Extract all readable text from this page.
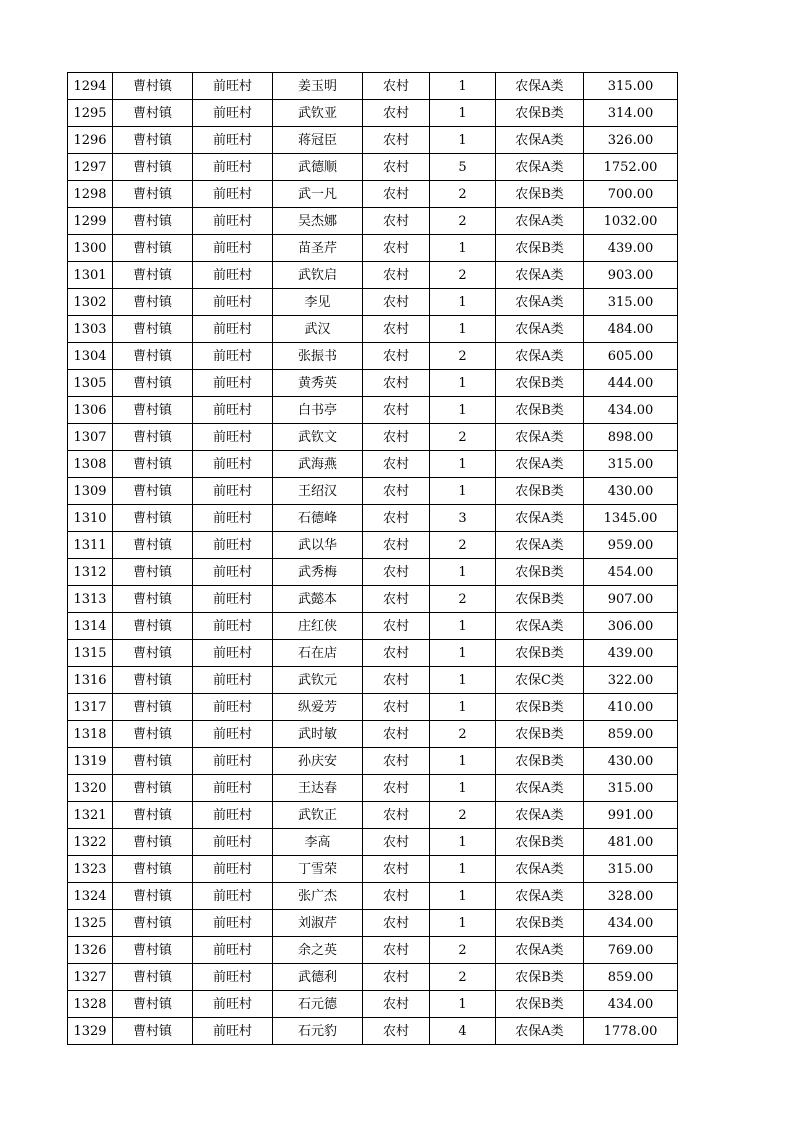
1294	曹村镇	前旺村	姜玉明	农村	1	农保A类	315.00
1295	曹村镇	前旺村	武钦亚	农村	1	农保B类	314.00
1296	曹村镇	前旺村	蒋冠臣	农村	1	农保A类	326.00
1297	曹村镇	前旺村	武德顺	农村	5	农保A类	1752.00
1298	曹村镇	前旺村	武一凡	农村	2	农保B类	700.00
1299	曹村镇	前旺村	吴杰娜	农村	2	农保A类	1032.00
1300	曹村镇	前旺村	苗圣芹	农村	1	农保B类	439.00
1301	曹村镇	前旺村	武钦启	农村	2	农保A类	903.00
1302	曹村镇	前旺村	李见	农村	1	农保A类	315.00
1303	曹村镇	前旺村	武汉	农村	1	农保A类	484.00
1304	曹村镇	前旺村	张振书	农村	2	农保A类	605.00
1305	曹村镇	前旺村	黄秀英	农村	1	农保B类	444.00
1306	曹村镇	前旺村	白书亭	农村	1	农保B类	434.00
1307	曹村镇	前旺村	武钦文	农村	2	农保A类	898.00
1308	曹村镇	前旺村	武海燕	农村	1	农保A类	315.00
1309	曹村镇	前旺村	王绍汉	农村	1	农保B类	430.00
1310	曹村镇	前旺村	石德峰	农村	3	农保A类	1345.00
1311	曹村镇	前旺村	武以华	农村	2	农保A类	959.00
1312	曹村镇	前旺村	武秀梅	农村	1	农保B类	454.00
1313	曹村镇	前旺村	武懿本	农村	2	农保B类	907.00
1314	曹村镇	前旺村	庄红侠	农村	1	农保A类	306.00
1315	曹村镇	前旺村	石在店	农村	1	农保B类	439.00
1316	曹村镇	前旺村	武钦元	农村	1	农保C类	322.00
1317	曹村镇	前旺村	纵爱芳	农村	1	农保B类	410.00
1318	曹村镇	前旺村	武时敏	农村	2	农保B类	859.00
1319	曹村镇	前旺村	孙庆安	农村	1	农保B类	430.00
1320	曹村镇	前旺村	王达春	农村	1	农保A类	315.00
1321	曹村镇	前旺村	武钦正	农村	2	农保A类	991.00
1322	曹村镇	前旺村	李高	农村	1	农保B类	481.00
1323	曹村镇	前旺村	丁雪荣	农村	1	农保A类	315.00
1324	曹村镇	前旺村	张广杰	农村	1	农保A类	328.00
1325	曹村镇	前旺村	刘淑芹	农村	1	农保B类	434.00
1326	曹村镇	前旺村	余之英	农村	2	农保A类	769.00
1327	曹村镇	前旺村	武德利	农村	2	农保B类	859.00
1328	曹村镇	前旺村	石元德	农村	1	农保B类	434.00
1329	曹村镇	前旺村	石元豹	农村	4	农保A类	1778.00
